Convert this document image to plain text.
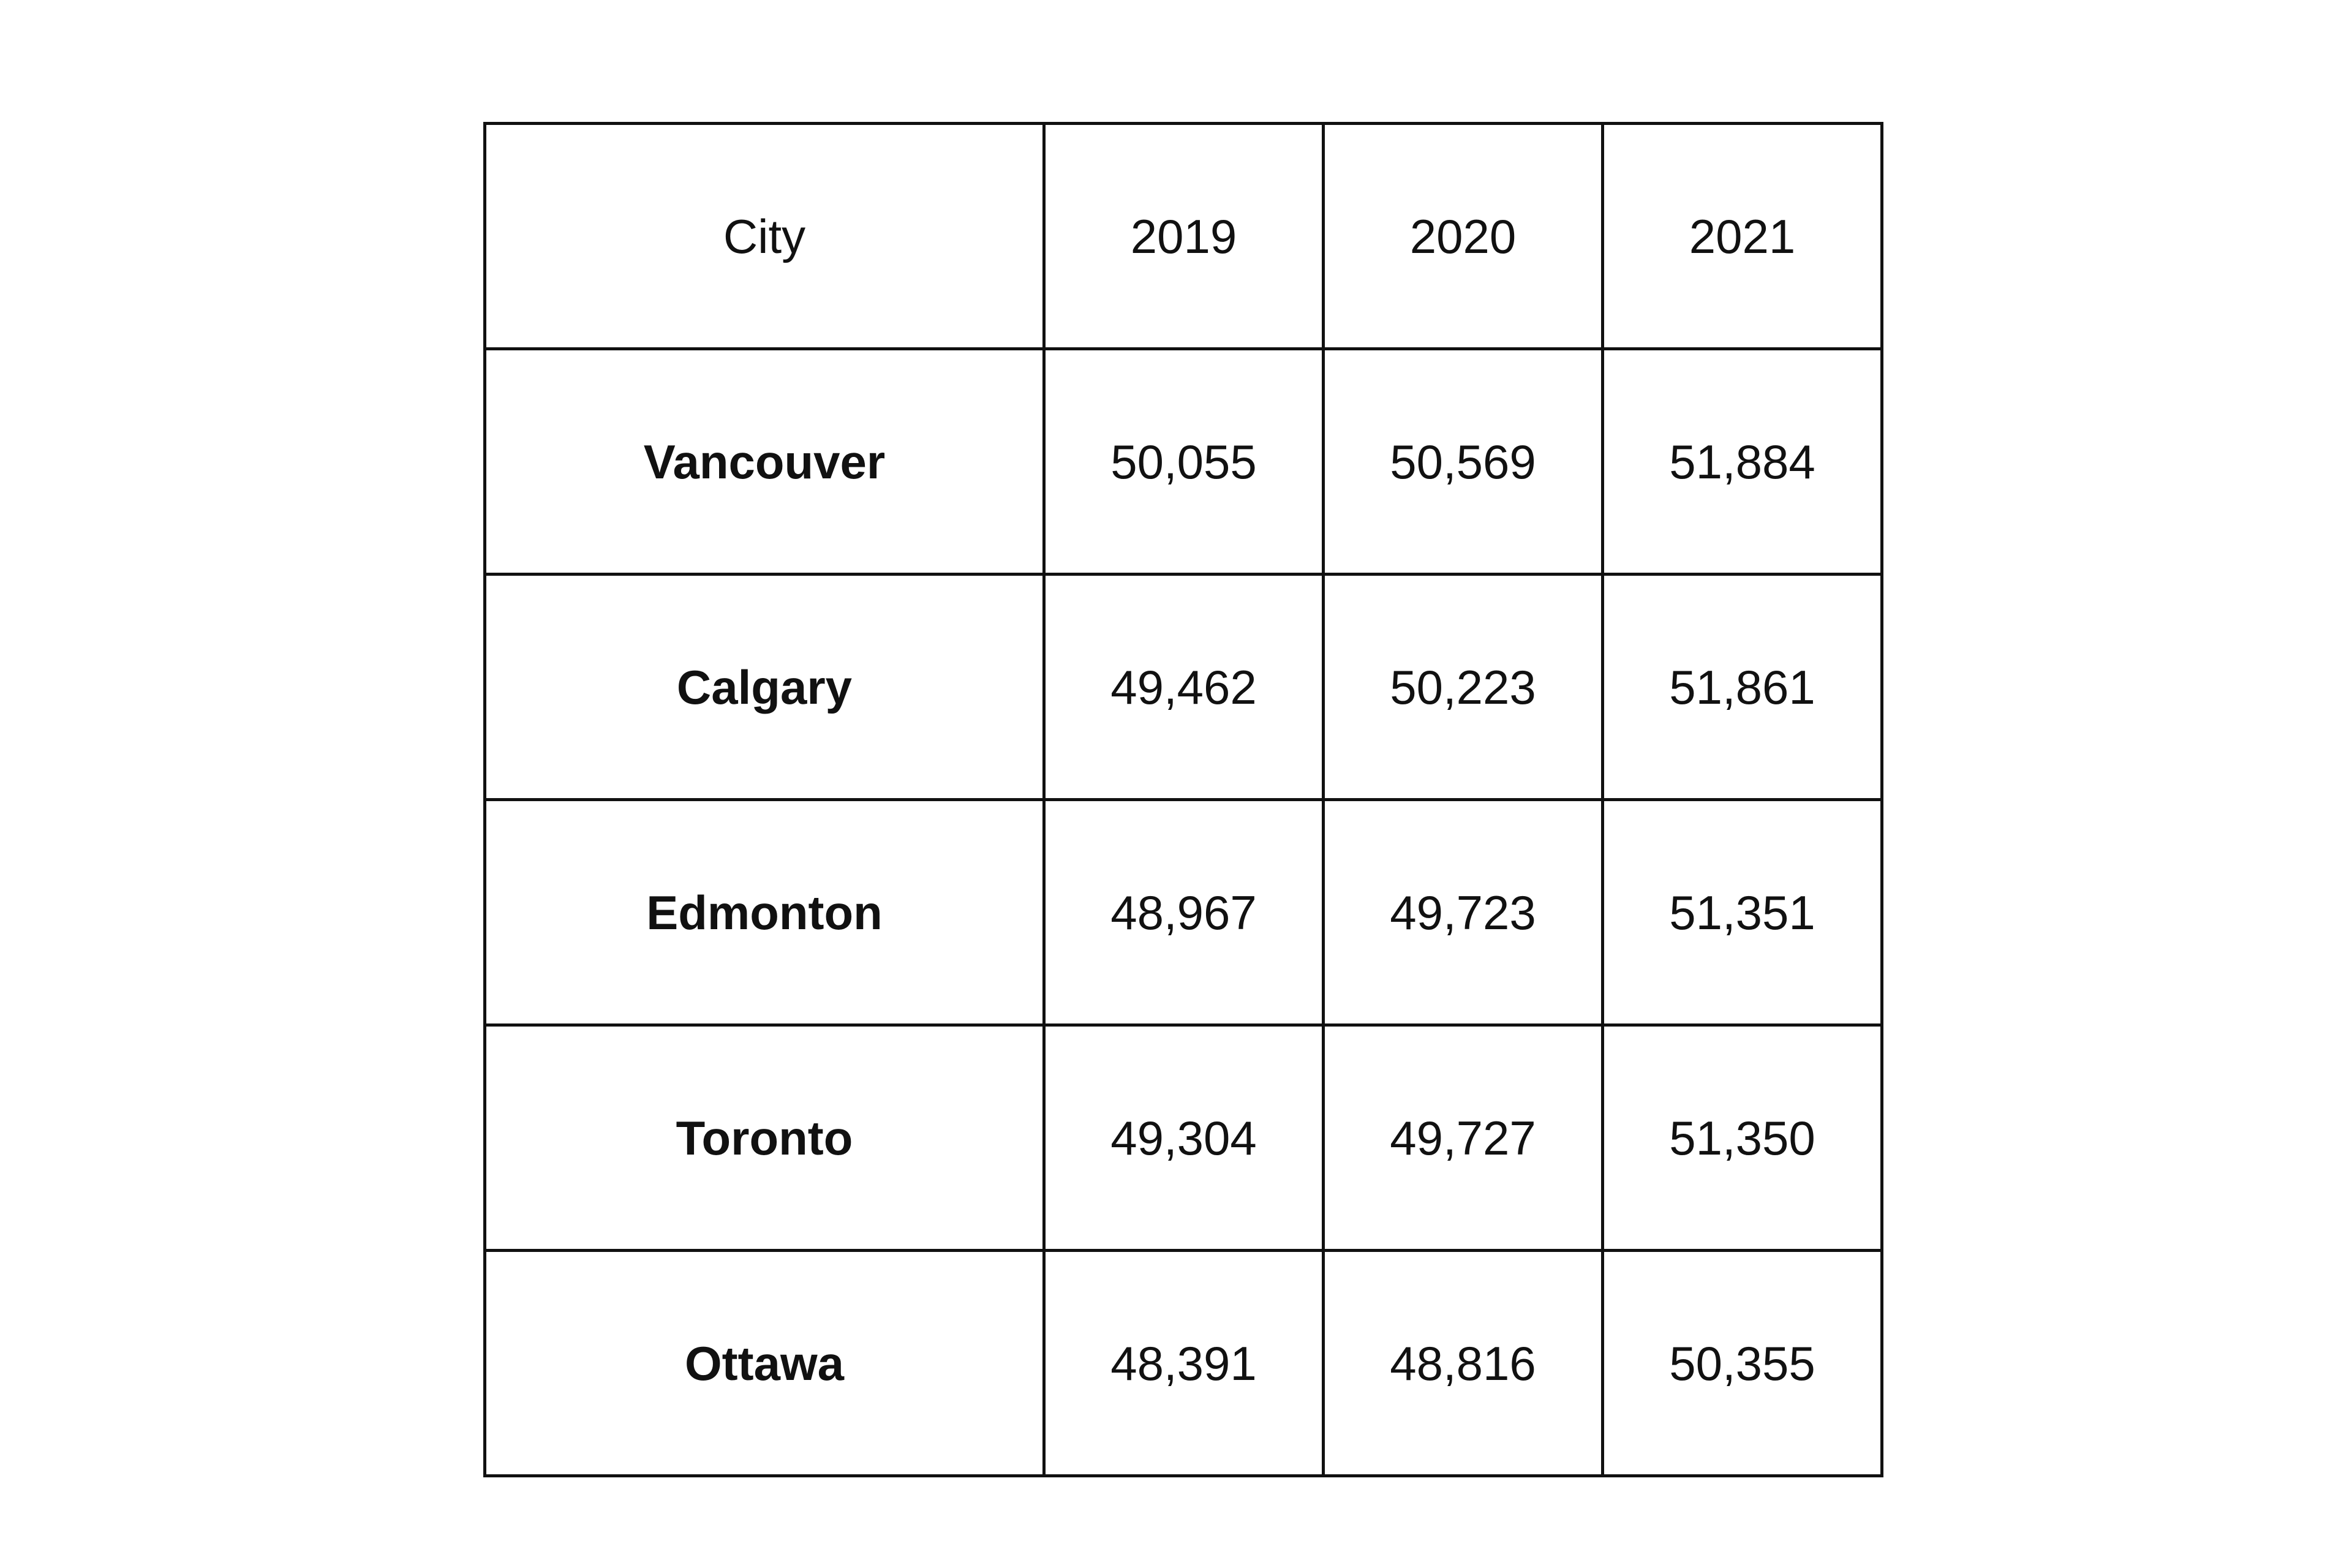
City	2019	2020	2021
Vancouver	50,055	50,569	51,884
Calgary	49,462	50,223	51,861
Edmonton	48,967	49,723	51,351
Toronto	49,304	49,727	51,350
Ottawa	48,391	48,816	50,355
